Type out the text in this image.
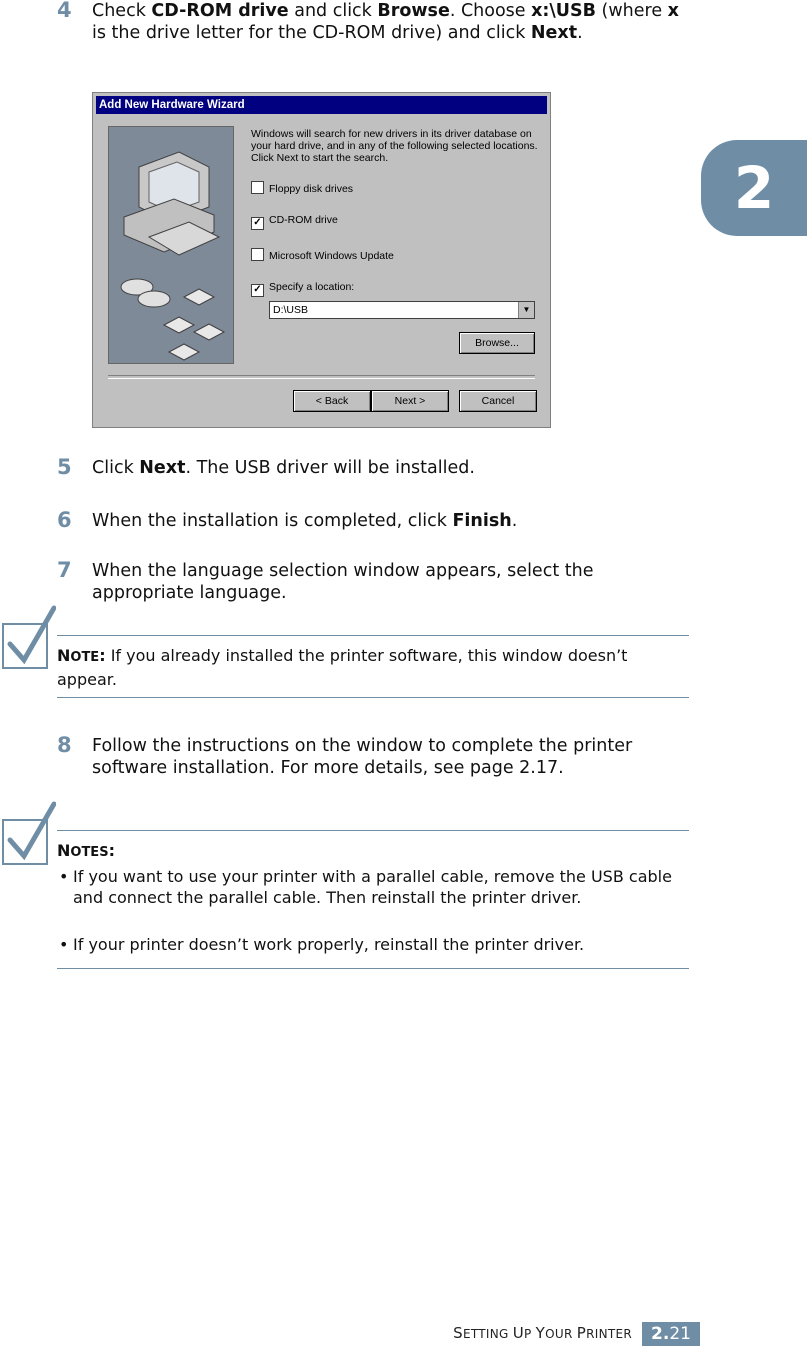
4	Check CD-ROM drive and click Browse. Choose x:\USB (where x is the drive letter for the CD-ROM drive) and click Next.
Add New Hardware Wizard
Windows will search for new drivers in its driver database on your hard drive, and in any of the following selected locations. Click Next to start the search.
Floppy disk drives
✓ CD-ROM drive
Microsoft Windows Update
✓ Specify a location:
D:\USB	▼
Browse...
< Back	Next >	Cancel
5	Click Next. The USB driver will be installed.
6	When the installation is completed, click Finish.
7	When the language selection window appears, select the appropriate language.
NOTE: If you already installed the printer software, this window doesn’t appear.
8	Follow the instructions on the window to complete the printer software installation. For more details, see page 2.17.
NOTES:
• If you want to use your printer with a parallel cable, remove the USB cable and connect the parallel cable. Then reinstall the printer driver.
• If your printer doesn’t work properly, reinstall the printer driver.
2
SETTING UP YOUR PRINTER	2.21
